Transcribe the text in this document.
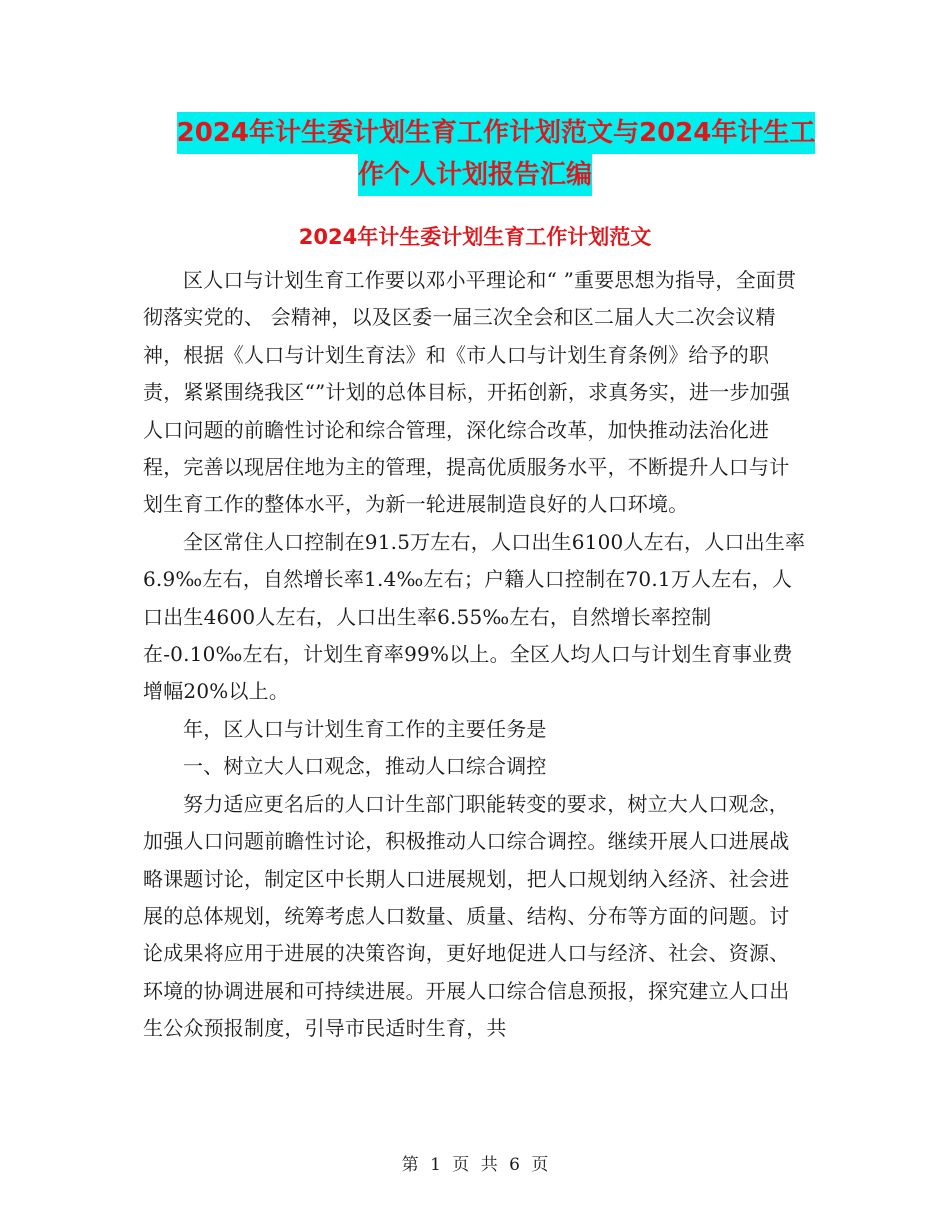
2024年计生委计划生育工作计划范文与2024年计生工
作个人计划报告汇编
2024年计生委计划生育工作计划范文

区人口与计划生育工作要以邓小平理论和“ ”重要思想为指导，全面贯彻落实党的、 会精神，以及区委一届三次全会和区二届人大二次会议精神，根据《人口与计划生育法》和《市人口与计划生育条例》给予的职责，紧紧围绕我区“”计划的总体目标，开拓创新，求真务实，进一步加强人口问题的前瞻性讨论和综合管理，深化综合改革，加快推动法治化进程，完善以现居住地为主的管理，提高优质服务水平，不断提升人口与计划生育工作的整体水平，为新一轮进展制造良好的人口环境。

全区常住人口控制在91.5万左右，人口出生6100人左右，人口出生率6.9‰左右，自然增长率1.4‰左右；户籍人口控制在70.1万人左右，人口出生4600人左右，人口出生率6.55‰左右，自然增长率控制在-0.10‰左右，计划生育率99%以上。全区人均人口与计划生育事业费增幅20%以上。

年，区人口与计划生育工作的主要任务是

一、树立大人口观念，推动人口综合调控

努力适应更名后的人口计生部门职能转变的要求，树立大人口观念，加强人口问题前瞻性讨论，积极推动人口综合调控。继续开展人口进展战略课题讨论，制定区中长期人口进展规划，把人口规划纳入经济、社会进展的总体规划，统筹考虑人口数量、质量、结构、分布等方面的问题。讨论成果将应用于进展的决策咨询，更好地促进人口与经济、社会、资源、环境的协调进展和可持续进展。开展人口综合信息预报，探究建立人口出生公众预报制度，引导市民适时生育，共

第 1 页 共 6 页
